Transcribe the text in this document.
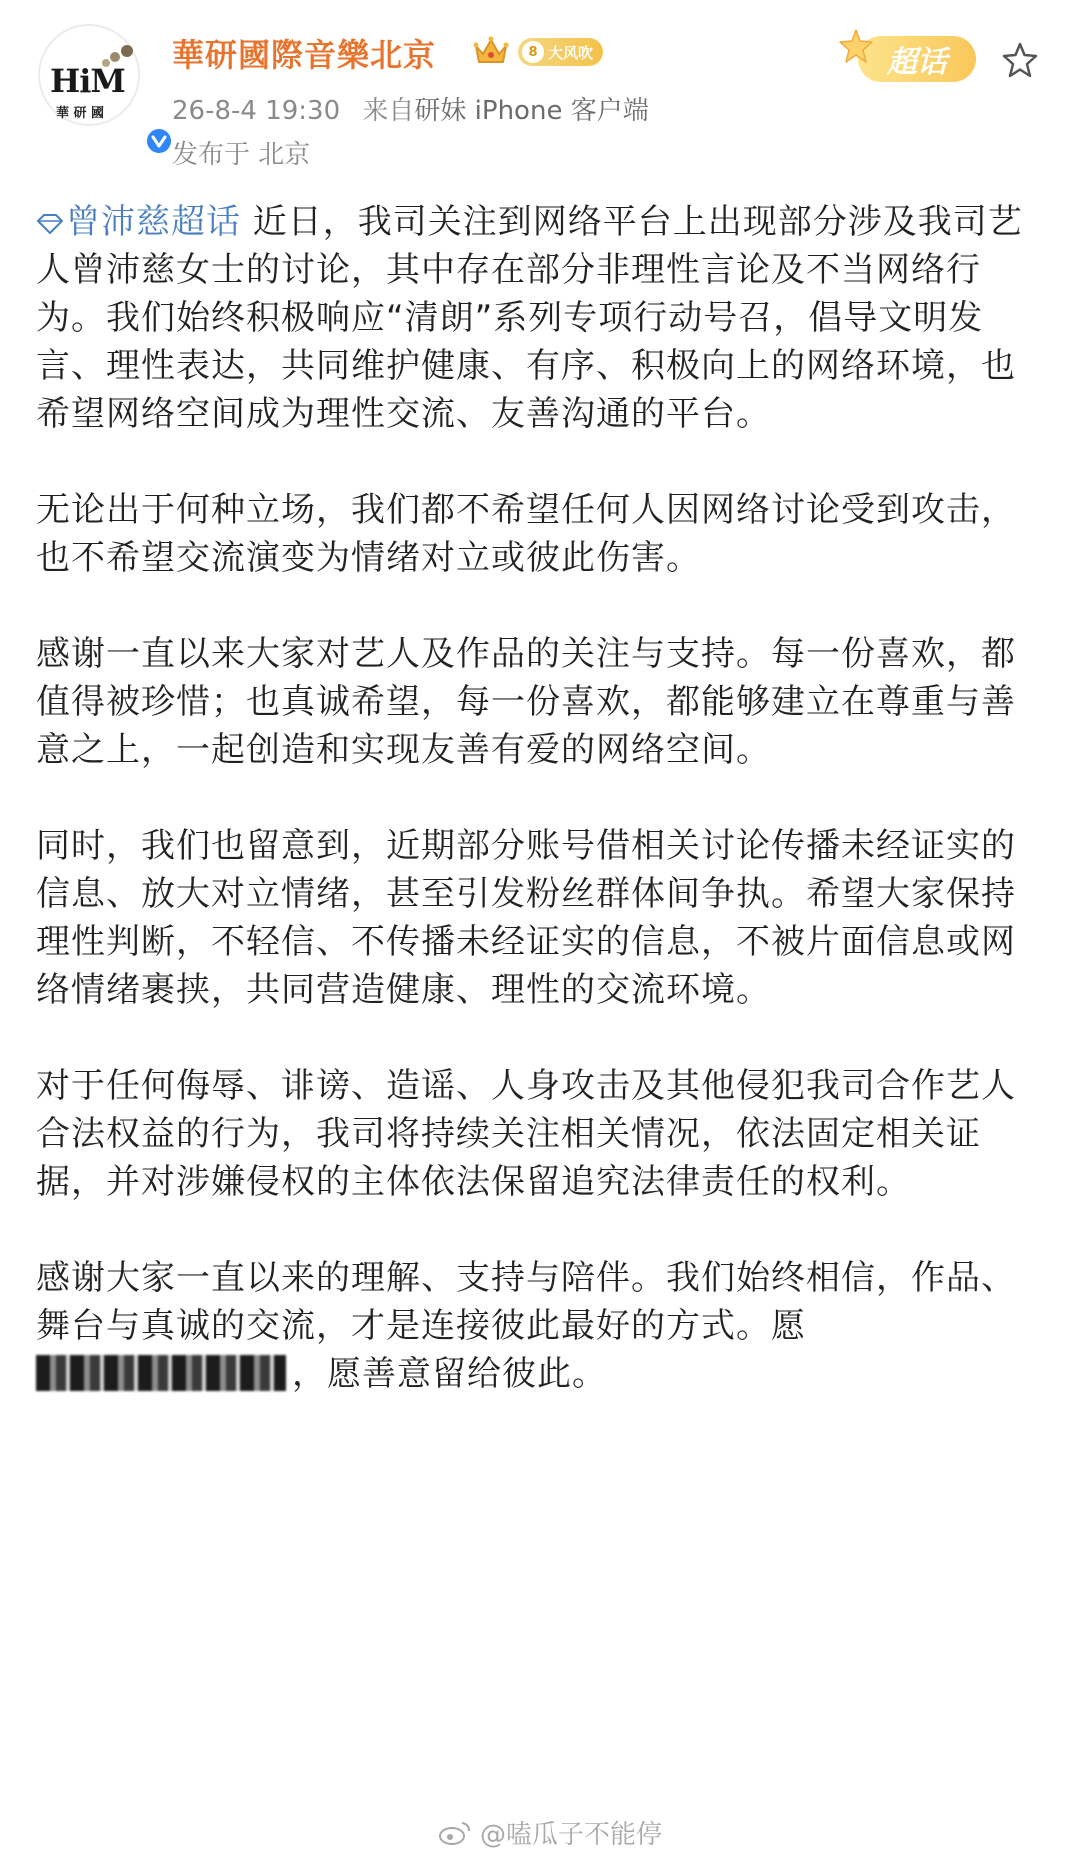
HiM
華 研 國
華研國際音樂北京	8 大风吹
26-8-4 19:30 来自研妹 iPhone 客户端
发布于 北京
超话

曾沛慈超话 近日，我司关注到网络平台上出现部分涉及我司艺人曾沛慈女士的讨论，其中存在部分非理性言论及不当网络行为。我们始终积极响应“清朗”系列专项行动号召，倡导文明发言、理性表达，共同维护健康、有序、积极向上的网络环境，也希望网络空间成为理性交流、友善沟通的平台。

无论出于何种立场，我们都不希望任何人因网络讨论受到攻击，也不希望交流演变为情绪对立或彼此伤害。

感谢一直以来大家对艺人及作品的关注与支持。每一份喜欢，都值得被珍惜；也真诚希望，每一份喜欢，都能够建立在尊重与善意之上，一起创造和实现友善有爱的网络空间。

同时，我们也留意到，近期部分账号借相关讨论传播未经证实的信息、放大对立情绪，甚至引发粉丝群体间争执。希望大家保持理性判断，不轻信、不传播未经证实的信息，不被片面信息或网络情绪裹挟，共同营造健康、理性的交流环境。

对于任何侮辱、诽谤、造谣、人身攻击及其他侵犯我司合作艺人合法权益的行为，我司将持续关注相关情况，依法固定相关证据，并对涉嫌侵权的主体依法保留追究法律责任的权利。

感谢大家一直以来的理解、支持与陪伴。我们始终相信，作品、舞台与真诚的交流，才是连接彼此最好的方式。愿
，愿善意留给彼此。

@嗑瓜子不能停
